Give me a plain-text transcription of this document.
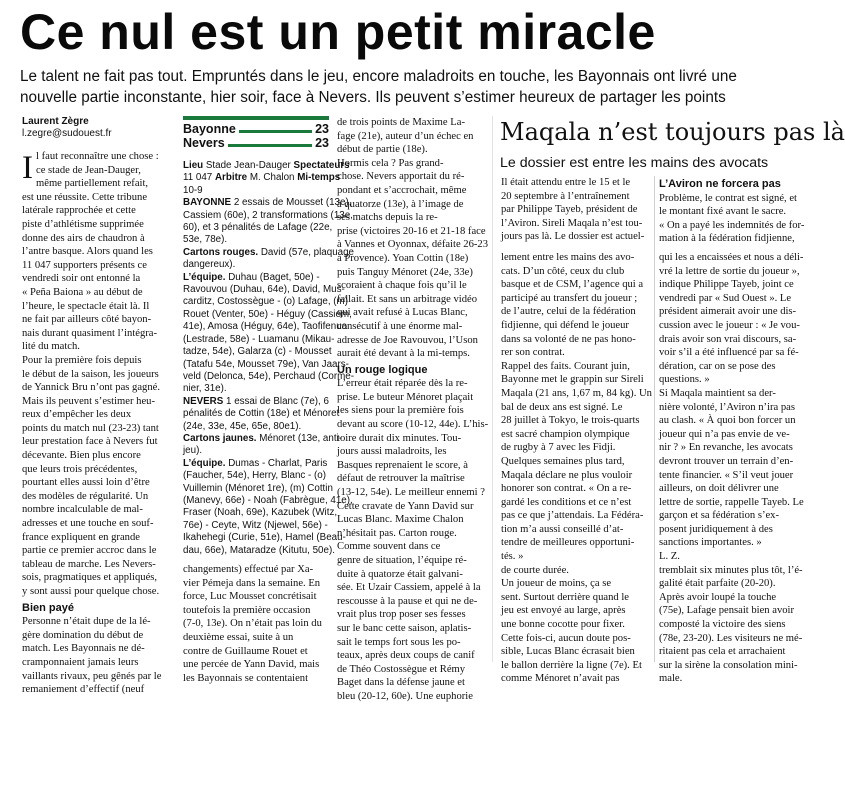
Ce nul est un petit miracle

Le talent ne fait pas tout. Empruntés dans le jeu, encore maladroits en touche, les Bayonnais ont livré une

nouvelle partie inconstante, hier soir, face à Nevers. Ils peuvent s’estimer heureux de partager les points

Laurent Zègre
l.zegre@sudouest.fr
I l faut reconnaître une chose :

ce stade de Jean-Dauger,

même partiellement refait,

est une réussite. Cette tribune

latérale rapprochée et cette

piste d’athlétisme supprimée

donne des airs de chaudron à

l’antre basque. Alors quand les

11 047 supporters présents ce

vendredi soir ont entonné la

« Peña Baiona » au début de

l’heure, le spectacle était là. Il

ne fait par ailleurs côté bayon-

nais durant quasiment l’intégra-

lité du match.

Pour la première fois depuis

le début de la saison, les joueurs

de Yannick Bru n’ont pas gagné.

Mais ils peuvent s’estimer heu-

reux d’empêcher les deux

points du match nul (23-23) tant

leur prestation face à Nevers fut

décevante. Bien plus encore

que leurs trois précédentes,

pourtant elles aussi loin d’être

des modèles de régularité. Un

nombre incalculable de mal-

adresses et une touche en souf-

france expliquent en grande

partie ce premier accroc dans le

tableau de marche. Les Nevers-

sois, pragmatiques et appliqués,

y sont aussi pour quelque chose.

Bien payé

Personne n’était dupe de la lé-

gère domination du début de

match. Les Bayonnais ne dé-

cramponnaient jamais leurs

vaillants rivaux, peu gênés par le

remaniement d’effectif (neuf

Bayonne	23
Nevers	23

Lieu Stade Jean-Dauger Spectateurs

11 047 Arbitre M. Chalon Mi-temps

10-9

BAYONNE 2 essais de Mousset (13e),

Cassiem (60e), 2 transformations (13e,

60), et 3 pénalités de Lafage (22e,

53e, 78e).

Cartons rouges. David (57e, plaquage

dangereux).

L’équipe. Duhau (Baget, 50e) -

Ravouvou (Duhau, 64e), David, Mus-

carditz, Costossègue - (o) Lafage, (m)

Rouet (Venter, 50e) - Héguy (Cassiem,

41e), Amosa (Héguy, 64e), Taofifenua

(Lestrade, 58e) - Luamanu (Mikau-

tadze, 54e), Galarza (c) - Mousset

(Tatafu 54e, Mousset 79e), Van Jaars-

veld (Delonca, 54e), Perchaud (Corme-

nier, 31e).

NEVERS 1 essai de Blanc (7e), 6

pénalités de Cottin (18e) et Ménoret

(24e, 33e, 45e, 65e, 80e1).

Cartons jaunes. Ménoret (13e, anti-

jeu).

L’équipe. Dumas - Charlat, Paris

(Faucher, 54e), Herry, Blanc - (o)

Vuillemin (Ménoret 1re), (m) Cottin

(Manevy, 66e) - Noah (Fabrègue, 41e),

Fraser (Noah, 69e), Kazubek (Witz,

76e) - Ceyte, Witz (Njewel, 56e) -

Ikahehegi (Curie, 51e), Hamel (Beau-

dau, 66e), Mataradze (Kitutu, 50e).

changements) effectué par Xa-

vier Pémeja dans la semaine. En

force, Luc Mousset concrétisait

toutefois la première occasion

(7-0, 13e). On n’était pas loin du

deuxième essai, suite à un

contre de Guillaume Rouet et

une percée de Yann David, mais

les Bayonnais se contentaient

de trois points de Maxime La-

fage (21e), auteur d’un échec en

début de partie (18e).

Hormis cela ? Pas grand-

chose. Nevers apportait du ré-

pondant et s’accrochait, même

à quatorze (13e), à l’image de

ses matchs depuis la re-

prise (victoires 20-16 et 21-18 face

à Vannes et Oyonnax, défaite 26-23

à Provence). Yoan Cottin (18e)

puis Tanguy Ménoret (24e, 33e)

scoraient à chaque fois qu’il le

fallait. Et sans un arbitrage vidéo

qui avait refusé à Lucas Blanc,

consécutif à une énorme mal-

adresse de Joe Ravouvou, l’Uson

aurait été devant à la mi-temps.

Un rouge logique

L’erreur était réparée dès la re-

prise. Le buteur Ménoret plaçait

les siens pour la première fois

devant au score (10-12, 44e). L’his-

toire durait dix minutes. Tou-

jours aussi maladroits, les

Basques reprenaient le score, à

défaut de retrouver la maîtrise

(13-12, 54e). Le meilleur ennemi ?

Cette cravate de Yann David sur

Lucas Blanc. Maxime Chalon

n’hésitait pas. Carton rouge.

Comme souvent dans ce

genre de situation, l’équipe ré-

duite à quatorze était galvani-

sée. Et Uzair Cassiem, appelé à la

rescousse à la pause et qui ne de-

vrait plus trop poser ses fesses

sur le banc cette saison, aplatis-

sait le temps fort sous les po-

teaux, après deux coups de canif

de Théo Costossègue et Rémy

Baget dans la défense jaune et

bleu (20-12, 60e). Une euphorie

Maqala n’est toujours pas là
Le dossier est entre les mains des avocats

Il était attendu entre le 15 et le

20 septembre à l’entraînement

par Philippe Tayeb, président de

l’Aviron. Sireli Maqala n’est tou-

jours pas là. Le dossier est actuel-

L’Aviron ne forcera pas

Problème, le contrat est signé, et

le montant fixé avant le sacre.

« On a payé les indemnités de for-

mation à la fédération fidjienne,

lement entre les mains des avo-

cats. D’un côté, ceux du club

basque et de CSM, l’agence qui a

participé au transfert du joueur ;

de l’autre, celui de la fédération

fidjienne, qui défend le joueur

dans sa volonté de ne pas hono-

rer son contrat.

Rappel des faits. Courant juin,

Bayonne met le grappin sur Sireli

Maqala (21 ans, 1,67 m, 84 kg). Un

bal de deux ans est signé. Le

28 juillet à Tokyo, le trois-quarts

est sacré champion olympique

de rugby à 7 avec les Fidji.

Quelques semaines plus tard,

Maqala déclare ne plus vouloir

honorer son contrat. « On a re-

gardé les conditions et ce n’est

pas ce que j’attendais. La Fédéra-

tion m’a aussi conseillé d’at-

tendre de meilleures opportuni-

tés. »

de courte durée.

Un joueur de moins, ça se

sent. Surtout derrière quand le

jeu est envoyé au large, après

une bonne cocotte pour fixer.

Cette fois-ci, aucun doute pos-

sible, Lucas Blanc écrasait bien

le ballon derrière la ligne (7e). Et

comme Ménoret n’avait pas

qui les a encaissées et nous a déli-

vré la lettre de sortie du joueur »,

indique Philippe Tayeb, joint ce

vendredi par « Sud Ouest ». Le

président aimerait avoir une dis-

cussion avec le joueur : « Je vou-

drais avoir son vrai discours, sa-

voir s’il a été influencé par sa fé-

dération, car on se pose des

questions. »

Si Maqala maintient sa der-

nière volonté, l’Aviron n’ira pas

au clash. « À quoi bon forcer un

joueur qui n’a pas envie de ve-

nir ? » En revanche, les avocats

devront trouver un terrain d’en-

tente financier. « S’il veut jouer

ailleurs, on doit délivrer une

lettre de sortie, rappelle Tayeb. Le

garçon et sa fédération s’ex-

posent juridiquement à des

sanctions importantes. »

L. Z.

tremblait six minutes plus tôt, l’é-

galité était parfaite (20-20).

Après avoir loupé la touche

(75e), Lafage pensait bien avoir

composté la victoire des siens

(78e, 23-20). Les visiteurs ne mé-

ritaient pas cela et arrachaient

sur la sirène la consolation mini-

male.
